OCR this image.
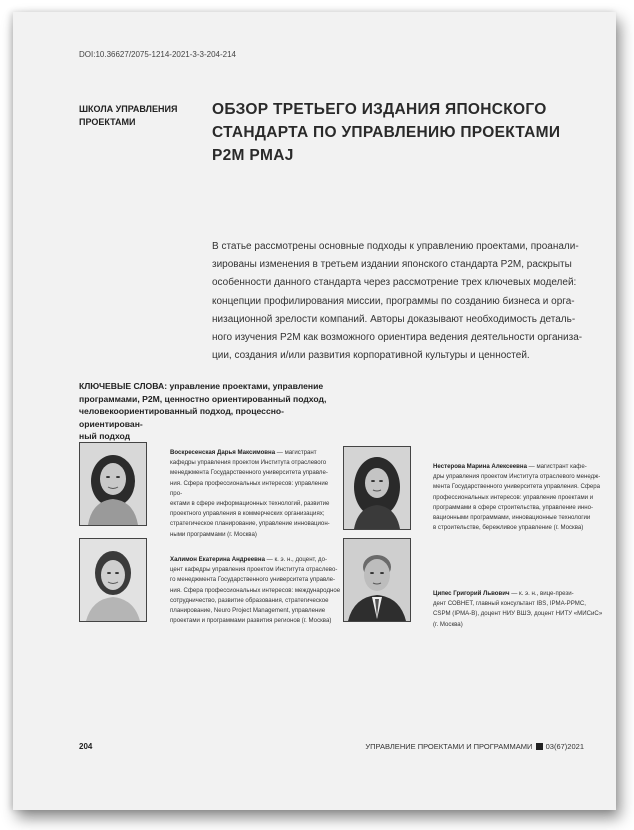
DOI:10.36627/2075-1214-2021-3-3-204-214
ШКОЛА УПРАВЛЕНИЯ
ПРОЕКТАМИ
ОБЗОР ТРЕТЬЕГО ИЗДАНИЯ ЯПОНСКОГО
СТАНДАРТА ПО УПРАВЛЕНИЮ ПРОЕКТАМИ
P2M PMAJ
В статье рассмотрены основные подходы к управлению проектами, проанали-
зированы изменения в третьем издании японского стандарта P2M, раскрыты
особенности данного стандарта через рассмотрение трех ключевых моделей:
концепции профилирования миссии, программы по созданию бизнеса и орга-
низационной зрелости компаний. Авторы доказывают необходимость деталь-
ного изучения P2M как возможного ориентира ведения деятельности организа-
ции, создания и/или развития корпоративной культуры и ценностей.
КЛЮЧЕВЫЕ СЛОВА: управление проектами, управление
программами, P2M, ценностно ориентированный подход,
человекоориентированный подход, процессно-ориентирован-
ный подход
Воскресенская Дарья Максимовна — магистрант
кафедры управления проектом Института отраслевого
менеджмента Государственного университета управле-
ния. Сфера профессиональных интересов: управление про-
ектами в сфере информационных технологий, развитие
проектного управления в коммерческих организациях;
стратегическое планирование, управление инновацион-
ными программами (г. Москва)
Нестерова Марина Алексеевна — магистрант кафе-
дры управления проектом Института отраслевого менедж-
мента Государственного университета управления. Сфера
профессиональных интересов: управление проектами и
программами в сфере строительства, управление инно-
вационными программами, инновационные технологии
в строительстве, бережливое управление (г. Москва)
Халимон Екатерина Андреевна — к. э. н., доцент, до-
цент кафедры управления проектом Института отраслево-
го менеджмента Государственного университета управле-
ния. Сфера профессиональных интересов: международное
сотрудничество, развитие образования, стратегическое
планирование, Neuro Project Management, управление
проектами и программами развития регионов (г. Москва)
Ципес Григорий Львович — к. э. н., вице-прези-
дент СОВНЕТ, главный консультант IBS, IPMA-PPMC,
CSPM (IPMA-B), доцент НИУ ВШЭ, доцент НИТУ «МИСиС»
(г. Москва)
204	УПРАВЛЕНИЕ ПРОЕКТАМИ И ПРОГРАММАМИ 03(67)2021
